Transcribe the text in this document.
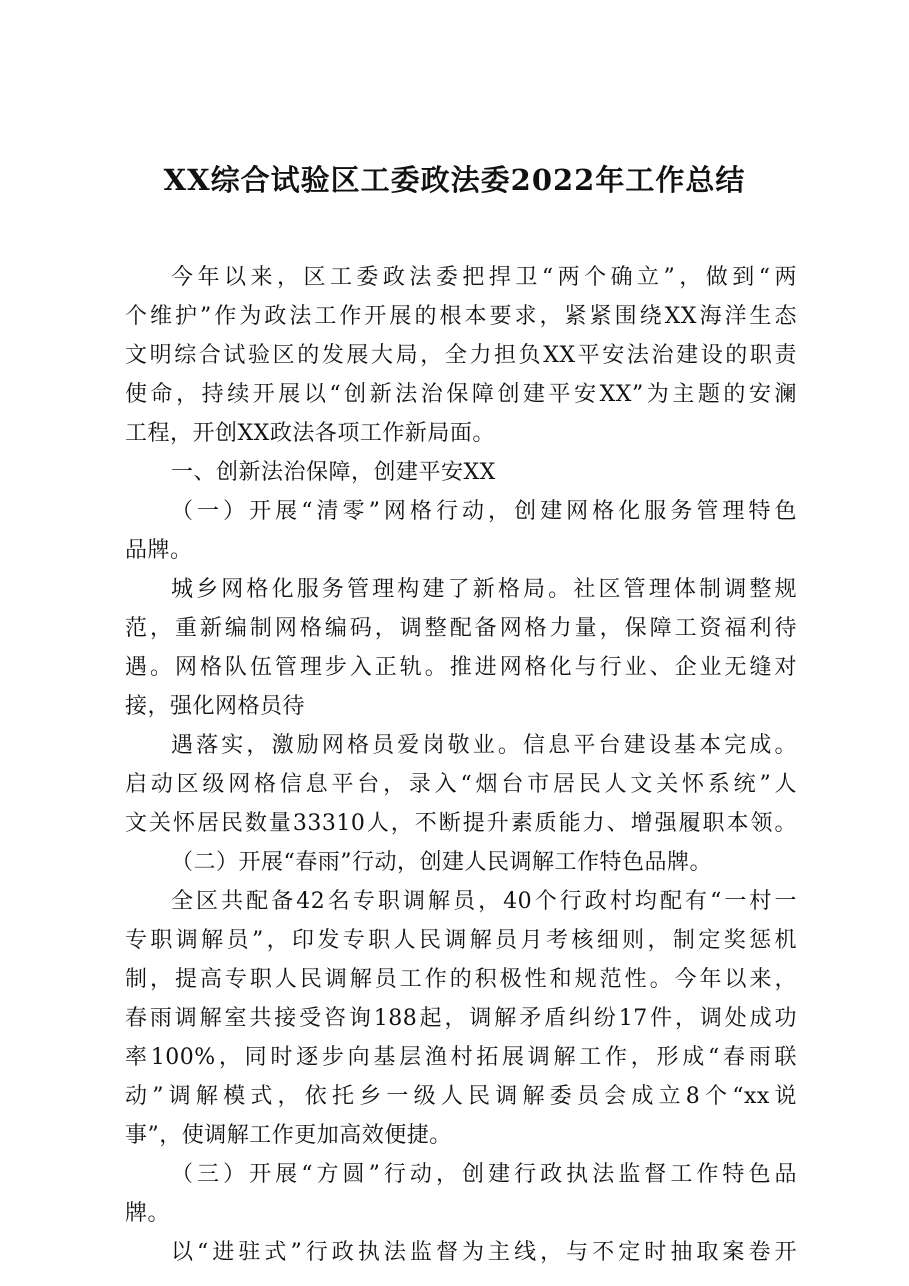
XX综合试验区工委政法委2022年工作总结
今年以来，区工委政法委把捍卫“两个确立”，做到“两
个维护”作为政法工作开展的根本要求，紧紧围绕XX海洋生态
文明综合试验区的发展大局，全力担负XX平安法治建设的职责
使命，持续开展以“创新法治保障创建平安XX”为主题的安澜
工程，开创XX政法各项工作新局面。
一、创新法治保障，创建平安XX
（一）开展“清零”网格行动，创建网格化服务管理特色
品牌。
城乡网格化服务管理构建了新格局。社区管理体制调整规
范，重新编制网格编码，调整配备网格力量，保障工资福利待
遇。网格队伍管理步入正轨。推进网格化与行业、企业无缝对
接，强化网格员待
遇落实，激励网格员爱岗敬业。信息平台建设基本完成。
启动区级网格信息平台，录入“烟台市居民人文关怀系统”人
文关怀居民数量33310人，不断提升素质能力、增强履职本领。
（二）开展“春雨”行动，创建人民调解工作特色品牌。
全区共配备42名专职调解员，40个行政村均配有“一村一
专职调解员”，印发专职人民调解员月考核细则，制定奖惩机
制，提高专职人民调解员工作的积极性和规范性。今年以来，
春雨调解室共接受咨询188起，调解矛盾纠纷17件，调处成功
率100%，同时逐步向基层渔村拓展调解工作，形成“春雨联
动”调解模式，依托乡一级人民调解委员会成立8个“xx说
事”，使调解工作更加高效便捷。
（三）开展“方圆”行动，创建行政执法监督工作特色品
牌。
以“进驻式”行政执法监督为主线，与不定时抽取案卷开
